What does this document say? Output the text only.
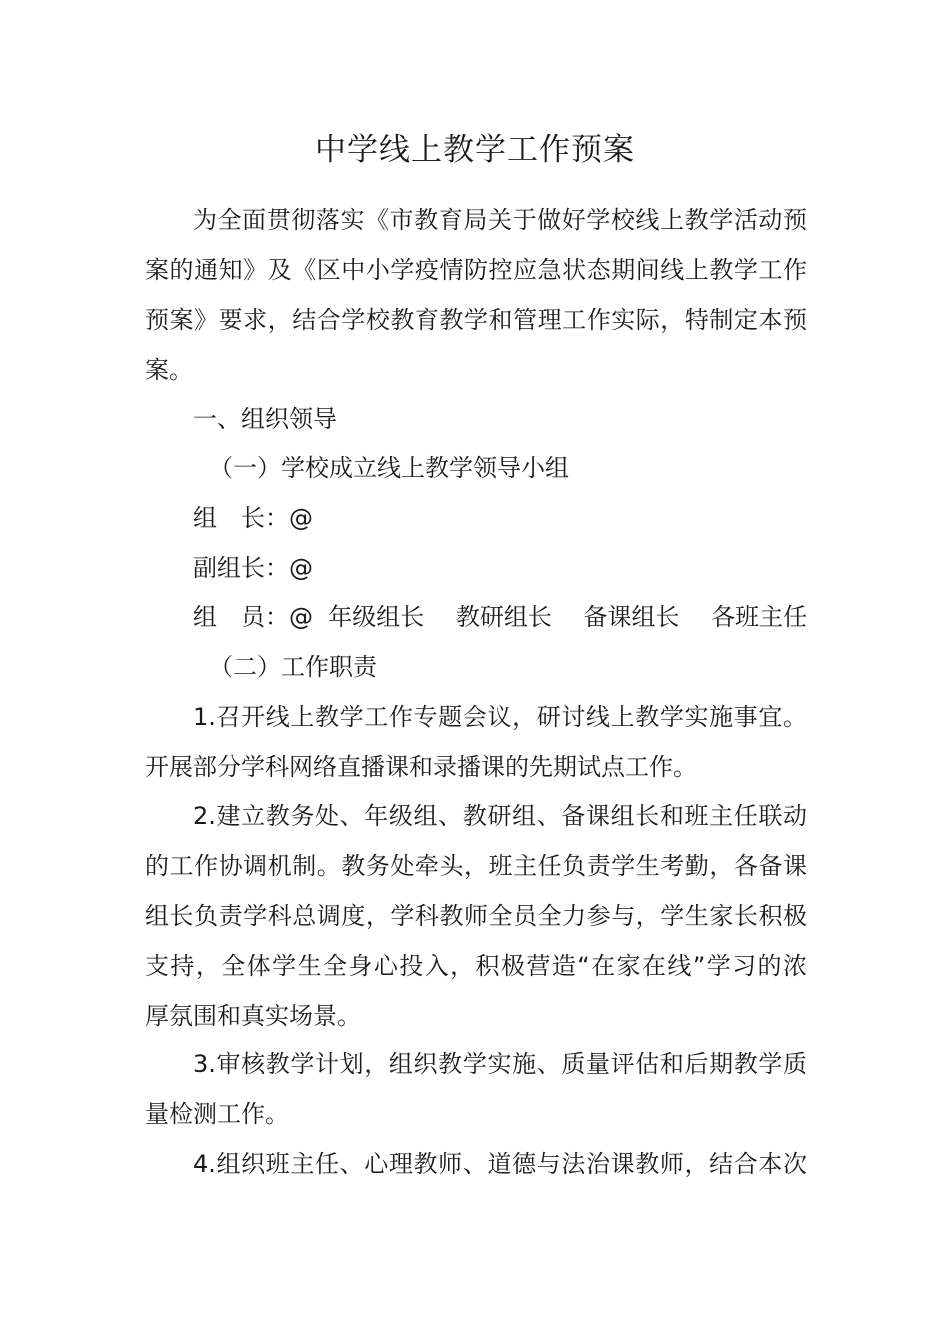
中学线上教学工作预案

为全面贯彻落实《市教育局关于做好学校线上教学活动预

案的通知》及《区中小学疫情防控应急状态期间线上教学工作

预案》要求，结合学校教育教学和管理工作实际，特制定本预

案。

一、组织领导

（一）学校成立线上教学领导小组

组　长：@

副组长：@

组　员：@  年级组长　 教研组长　 备课组长　 各班主任

（二）工作职责

1.召开线上教学工作专题会议，研讨线上教学实施事宜。

开展部分学科网络直播课和录播课的先期试点工作。

2.建立教务处、年级组、教研组、备课组长和班主任联动

的工作协调机制。教务处牵头，班主任负责学生考勤，各备课

组长负责学科总调度，学科教师全员全力参与，学生家长积极

支持，全体学生全身心投入，积极营造“在家在线”学习的浓

厚氛围和真实场景。

3.审核教学计划，组织教学实施、质量评估和后期教学质

量检测工作。

4.组织班主任、心理教师、道德与法治课教师，结合本次
